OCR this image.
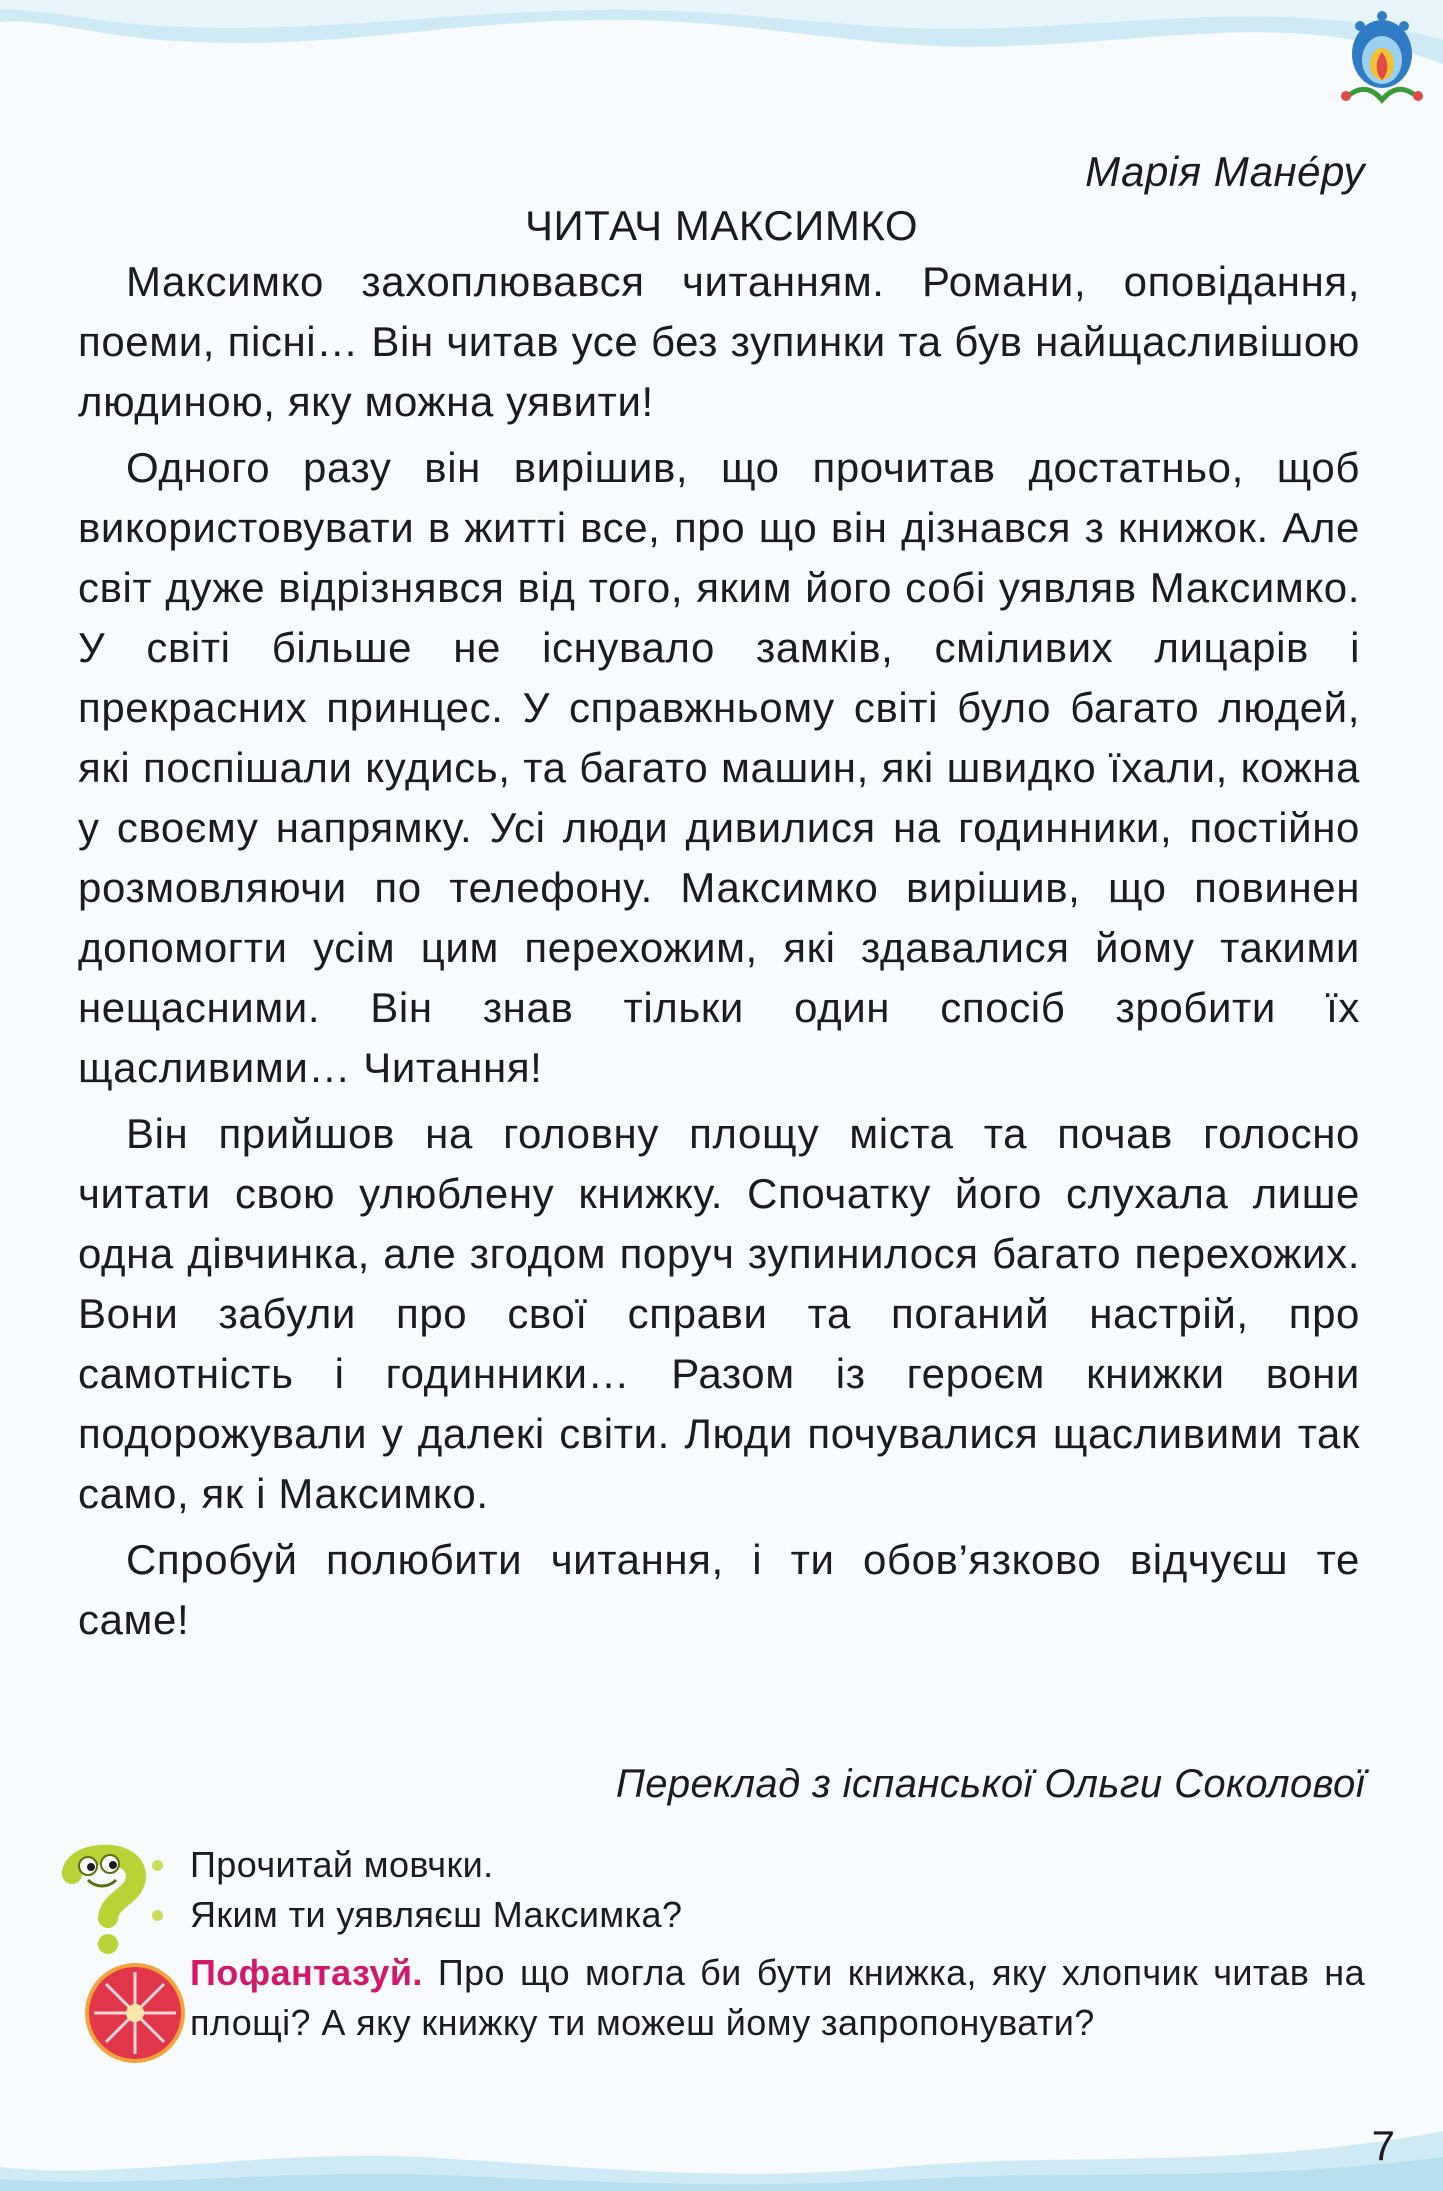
Марія Мане́ру
ЧИТАЧ МАКСИМКО

Максимко захоплювався читанням. Романи, оповідання, поеми, пісні… Він читав усе без зупинки та був найщасливішою людиною, яку можна уявити!

Одного разу він вирішив, що прочитав достатньо, щоб використовувати в житті все, про що він дізнався з книжок. Але світ дуже відрізнявся від того, яким його собі уявляв Максимко. У світі більше не існувало замків, сміливих лицарів і прекрасних принцес. У справжньому світі було багато людей, які поспішали кудись, та багато машин, які швидко їхали, кожна у своєму напрямку. Усі люди дивилися на годинники, постійно розмовляючи по телефону. Максимко вирішив, що повинен допомогти усім цим перехожим, які здавалися йому такими нещасними. Він знав тільки один спосіб зробити їх щасливими… Читання!

Він прийшов на головну площу міста та почав голосно читати свою улюблену книжку. Спочатку його слухала лише одна дівчинка, але згодом поруч зупинилося багато перехожих. Вони забули про свої справи та поганий настрій, про самотність і годинники… Разом із героєм книжки вони подорожували у далекі світи. Люди почувалися щасливими так само, як і Максимко.

Спробуй полюбити читання, і ти обов’язково відчуєш те саме!

Переклад з іспанської Ольги Соколової

Прочитай мовчки.

Яким ти уявляєш Максимка?

Пофантазуй. Про що могла би бути книжка, яку хлопчик читав на площі? А яку книжку ти можеш йому запропонувати?

7
